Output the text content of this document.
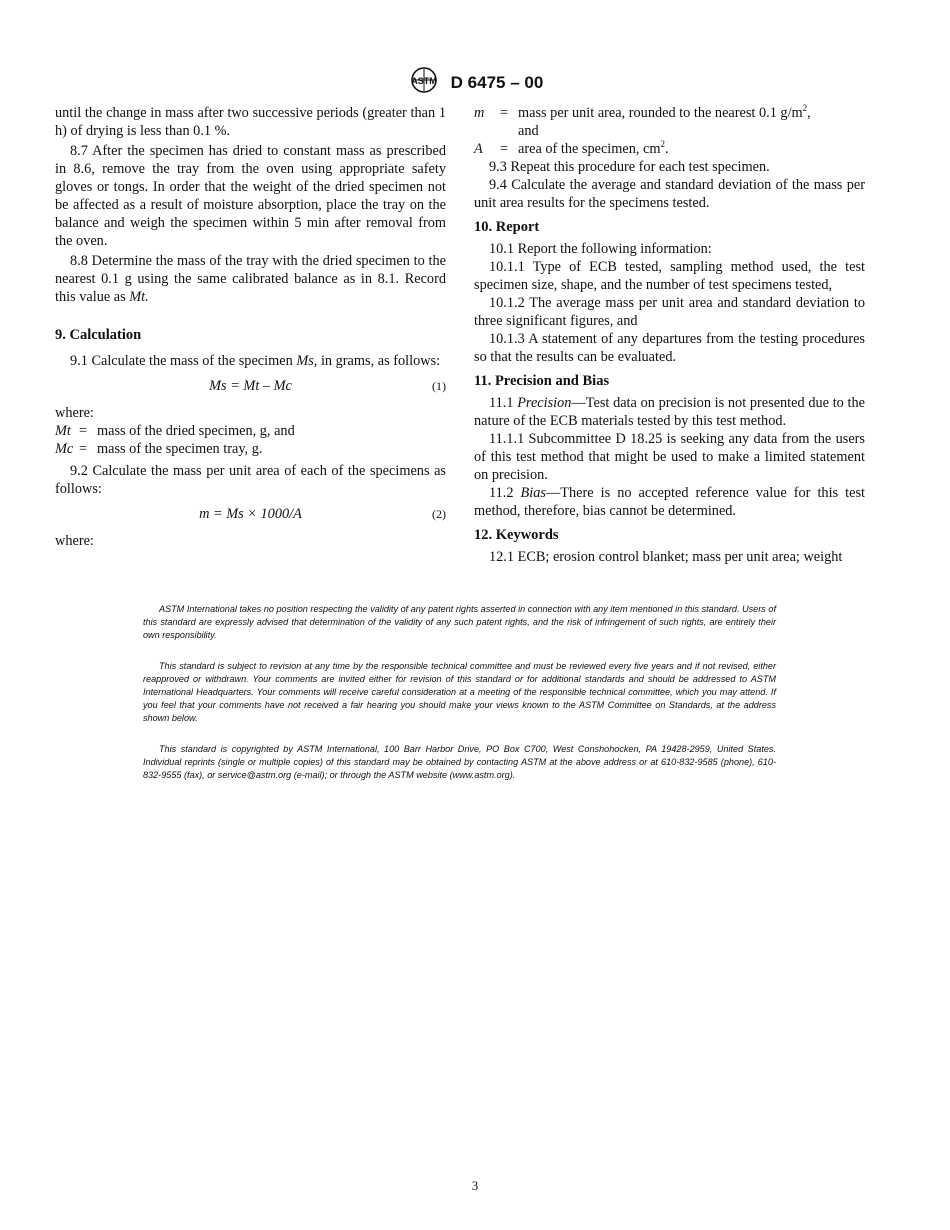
ASTM D 6475 – 00

until the change in mass after two successive periods (greater than 1 h) of drying is less than 0.1 %.

8.7 After the specimen has dried to constant mass as prescribed in 8.6, remove the tray from the oven using appropriate safety gloves or tongs. In order that the weight of the dried specimen not be affected as a result of moisture absorption, place the tray on the balance and weigh the specimen within 5 min after removal from the oven.

8.8 Determine the mass of the tray with the dried specimen to the nearest 0.1 g using the same calibrated balance as in 8.1. Record this value as Mt.

9. Calculation

9.1 Calculate the mass of the specimen Ms, in grams, as follows:

Ms = Mt – Mc	(1)

where:

Mt = mass of the dried specimen, g, and
Mc = mass of the specimen tray, g.

9.2 Calculate the mass per unit area of each of the specimens as follows:

m = Ms × 1000/A	(2)

where:

m	= mass per unit area, rounded to the nearest 0.1 $g/m^2$,
and
A	= area of the specimen, $cm^2$.

9.3 Repeat this procedure for each test specimen.

9.4 Calculate the average and standard deviation of the mass per unit area results for the specimens tested.

10. Report

10.1 Report the following information:

10.1.1 Type of ECB tested, sampling method used, the test specimen size, shape, and the number of test specimens tested,

10.1.2 The average mass per unit area and standard deviation to three significant figures, and

10.1.3 A statement of any departures from the testing procedures so that the results can be evaluated.

11. Precision and Bias

11.1 Precision—Test data on precision is not presented due to the nature of the ECB materials tested by this test method.

11.1.1 Subcommittee D 18.25 is seeking any data from the users of this test method that might be used to make a limited statement on precision.

11.2 Bias—There is no accepted reference value for this test method, therefore, bias cannot be determined.

12. Keywords

12.1 ECB; erosion control blanket; mass per unit area; weight

ASTM International takes no position respecting the validity of any patent rights asserted in connection with any item mentioned in this standard. Users of this standard are expressly advised that determination of the validity of any such patent rights, and the risk of infringement of such rights, are entirely their own responsibility.

This standard is subject to revision at any time by the responsible technical committee and must be reviewed every five years and if not revised, either reapproved or withdrawn. Your comments are invited either for revision of this standard or for additional standards and should be addressed to ASTM International Headquarters. Your comments will receive careful consideration at a meeting of the responsible technical committee, which you may attend. If you feel that your comments have not received a fair hearing you should make your views known to the ASTM Committee on Standards, at the address shown below.

This standard is copyrighted by ASTM International, 100 Barr Harbor Drive, PO Box C700, West Conshohocken, PA 19428-2959, United States. Individual reprints (single or multiple copies) of this standard may be obtained by contacting ASTM at the above address or at 610-832-9585 (phone), 610-832-9555 (fax), or service@astm.org (e-mail); or through the ASTM website (www.astm.org).

3
